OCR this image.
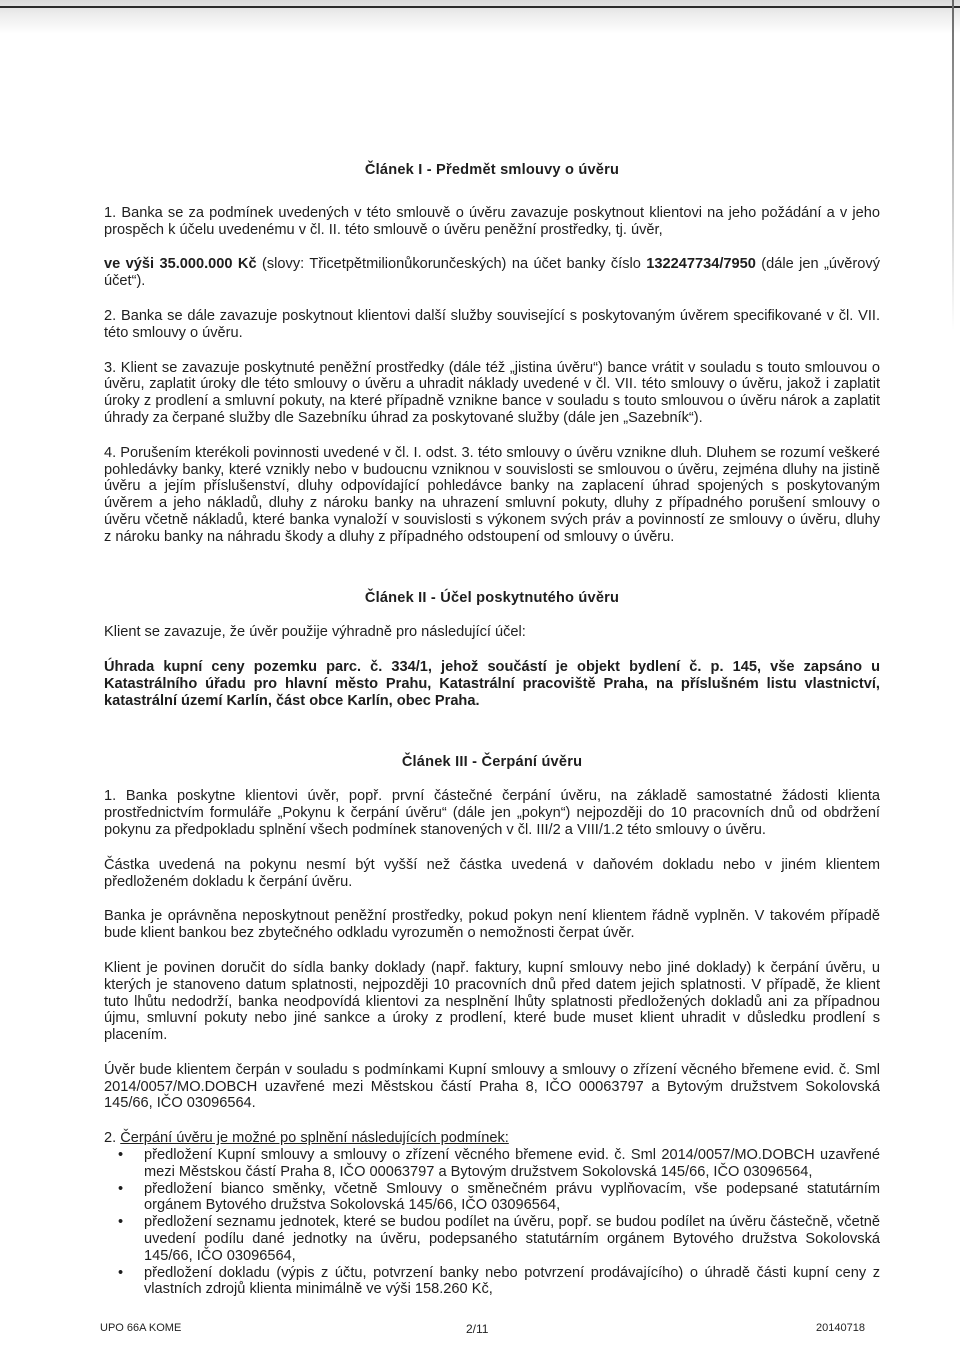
Článek I - Předmět smlouvy o úvěru

1. Banka se za podmínek uvedených v této smlouvě o úvěru zavazuje poskytnout klientovi na jeho požádání a v jeho prospěch k účelu uvedenému v čl. II. této smlouvě o úvěru peněžní prostředky, tj. úvěr,

ve výši 35.000.000 Kč (slovy: Třicetpětmilionůkorunčeských) na účet banky číslo 132247734/7950 (dále jen „úvěrový účet“).

2. Banka se dále zavazuje poskytnout klientovi další služby související s poskytovaným úvěrem specifikované v čl. VII. této smlouvy o úvěru.

3. Klient se zavazuje poskytnuté peněžní prostředky (dále též „jistina úvěru“) bance vrátit v souladu s touto smlouvou o úvěru, zaplatit úroky dle této smlouvy o úvěru a uhradit náklady uvedené v čl. VII. této smlouvy o úvěru, jakož i zaplatit úroky z prodlení a smluvní pokuty, na které případně vznikne bance v souladu s touto smlouvou o úvěru nárok a zaplatit úhrady za čerpané služby dle Sazebníku úhrad za poskytované služby (dále jen „Sazebník“).

4. Porušením kterékoli povinnosti uvedené v čl. I. odst. 3. této smlouvy o úvěru vznikne dluh. Dluhem se rozumí veškeré pohledávky banky, které vznikly nebo v budoucnu vzniknou v souvislosti se smlouvou o úvěru, zejména dluhy na jistině úvěru a jejím příslušenství, dluhy odpovídající pohledávce banky na zaplacení úhrad spojených s poskytovaným úvěrem a jeho nákladů, dluhy z nároku banky na uhrazení smluvní pokuty, dluhy z případného porušení smlouvy o úvěru včetně nákladů, které banka vynaloží v souvislosti s výkonem svých práv a povinností ze smlouvy o úvěru, dluhy z nároku banky na náhradu škody a dluhy z případného odstoupení od smlouvy o úvěru.

Článek II - Účel poskytnutého úvěru

Klient se zavazuje, že úvěr použije výhradně pro následující účel:

Úhrada kupní ceny pozemku parc. č. 334/1, jehož součástí je objekt bydlení č. p. 145, vše zapsáno u Katastrálního úřadu pro hlavní město Prahu, Katastrální pracoviště Praha, na příslušném listu vlastnictví, katastrální území Karlín, část obce Karlín, obec Praha.

Článek III - Čerpání úvěru

1. Banka poskytne klientovi úvěr, popř. první částečné čerpání úvěru, na základě samostatné žádosti klienta prostřednictvím formuláře „Pokynu k čerpání úvěru“ (dále jen „pokyn“) nejpozději do 10 pracovních dnů od obdržení pokynu za předpokladu splnění všech podmínek stanovených v čl. III/2 a VIII/1.2 této smlouvy o úvěru.

Částka uvedená na pokynu nesmí být vyšší než částka uvedená v daňovém dokladu nebo v jiném klientem předloženém dokladu k čerpání úvěru.

Banka je oprávněna neposkytnout peněžní prostředky, pokud pokyn není klientem řádně vyplněn. V takovém případě bude klient bankou bez zbytečného odkladu vyrozuměn o nemožnosti čerpat úvěr.

Klient je povinen doručit do sídla banky doklady (např. faktury, kupní smlouvy nebo jiné doklady) k čerpání úvěru, u kterých je stanoveno datum splatnosti, nejpozději 10 pracovních dnů před datem jejich splatnosti. V případě, že klient tuto lhůtu nedodrží, banka neodpovídá klientovi za nesplnění lhůty splatnosti předložených dokladů ani za případnou újmu, smluvní pokuty nebo jiné sankce a úroky z prodlení, které bude muset klient uhradit v důsledku prodlení s placením.

Úvěr bude klientem čerpán v souladu s podmínkami Kupní smlouvy a smlouvy o zřízení věcného břemene evid. č. Sml 2014/0057/MO.DOBCH uzavřené mezi Městskou částí Praha 8, IČO 00063797 a Bytovým družstvem Sokolovská 145/66, IČO 03096564.

2. Čerpání úvěru je možné po splnění následujících podmínek:

• předložení Kupní smlouvy a smlouvy o zřízení věcného břemene evid. č. Sml 2014/0057/MO.DOBCH uzavřené mezi Městskou částí Praha 8, IČO 00063797 a Bytovým družstvem Sokolovská 145/66, IČO 03096564,
• předložení bianco směnky, včetně Smlouvy o směnečném právu vyplňovacím, vše podepsané statutárním orgánem Bytového družstva Sokolovská 145/66, IČO 03096564,
• předložení seznamu jednotek, které se budou podílet na úvěru, popř. se budou podílet na úvěru částečně, včetně uvedení podílu dané jednotky na úvěru, podepsaného statutárním orgánem Bytového družstva Sokolovská 145/66, IČO 03096564,
• předložení dokladu (výpis z účtu, potvrzení banky nebo potvrzení prodávajícího) o úhradě části kupní ceny z vlastních zdrojů klienta minimálně ve výši 158.260 Kč,
UPO 66A KOME	2/11	20140718
